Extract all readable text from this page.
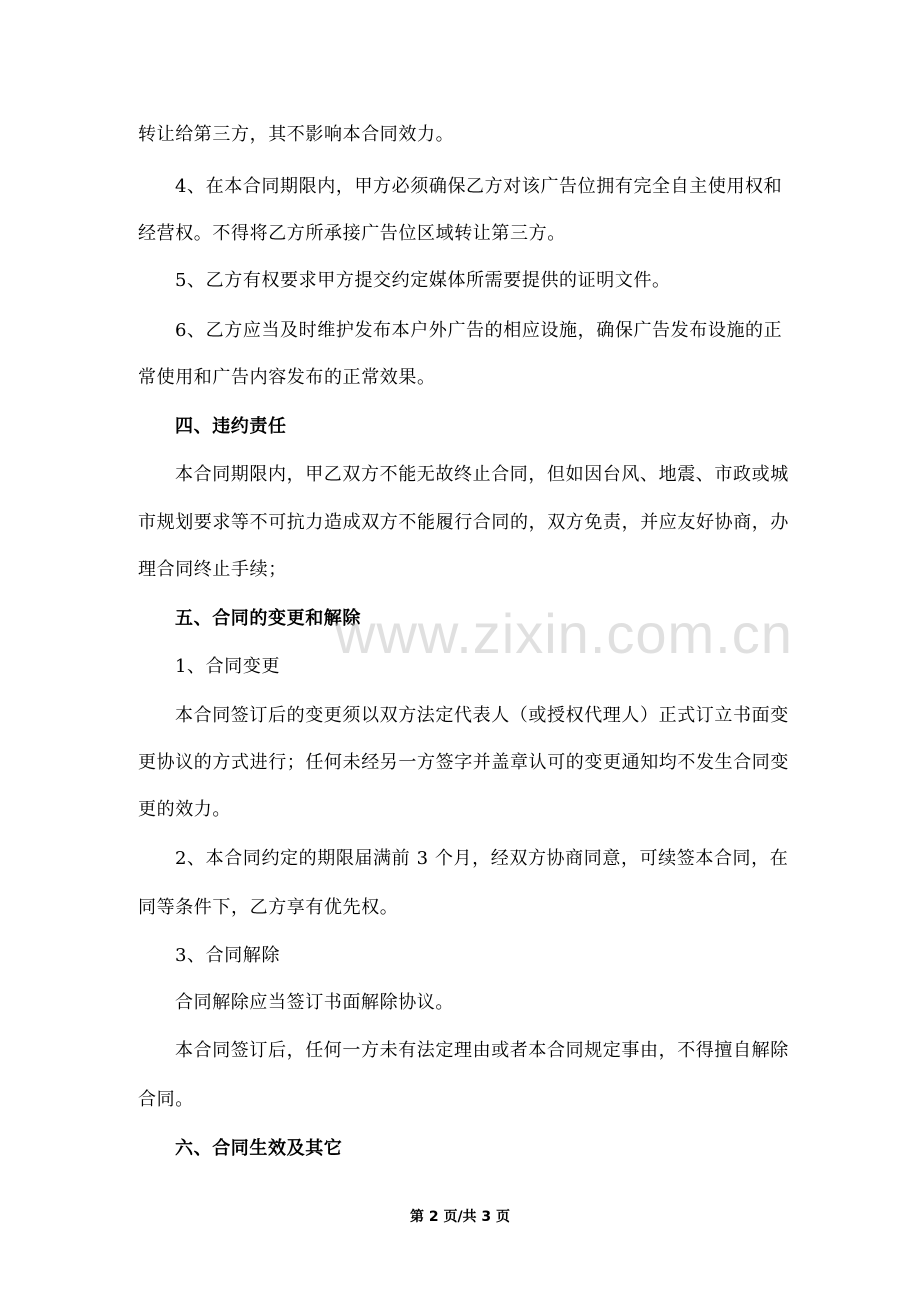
转让给第三方，其不影响本合同效力。
4、在本合同期限内，甲方必须确保乙方对该广告位拥有完全自主使用权和
经营权。不得将乙方所承接广告位区域转让第三方。
5、乙方有权要求甲方提交约定媒体所需要提供的证明文件。
6、乙方应当及时维护发布本户外广告的相应设施，确保广告发布设施的正
常使用和广告内容发布的正常效果。
四、违约责任
本合同期限内，甲乙双方不能无故终止合同，但如因台风、地震、市政或城
市规划要求等不可抗力造成双方不能履行合同的，双方免责，并应友好协商，办
理合同终止手续；
五、合同的变更和解除
1、合同变更
本合同签订后的变更须以双方法定代表人（或授权代理人）正式订立书面变
更协议的方式进行；任何未经另一方签字并盖章认可的变更通知均不发生合同变
更的效力。
2、本合同约定的期限届满前 3 个月，经双方协商同意，可续签本合同，在
同等条件下，乙方享有优先权。
3、合同解除
合同解除应当签订书面解除协议。
本合同签订后，任何一方未有法定理由或者本合同规定事由，不得擅自解除
合同。
六、合同生效及其它
www.zixin.com.cn
第 2 页/共 3 页
